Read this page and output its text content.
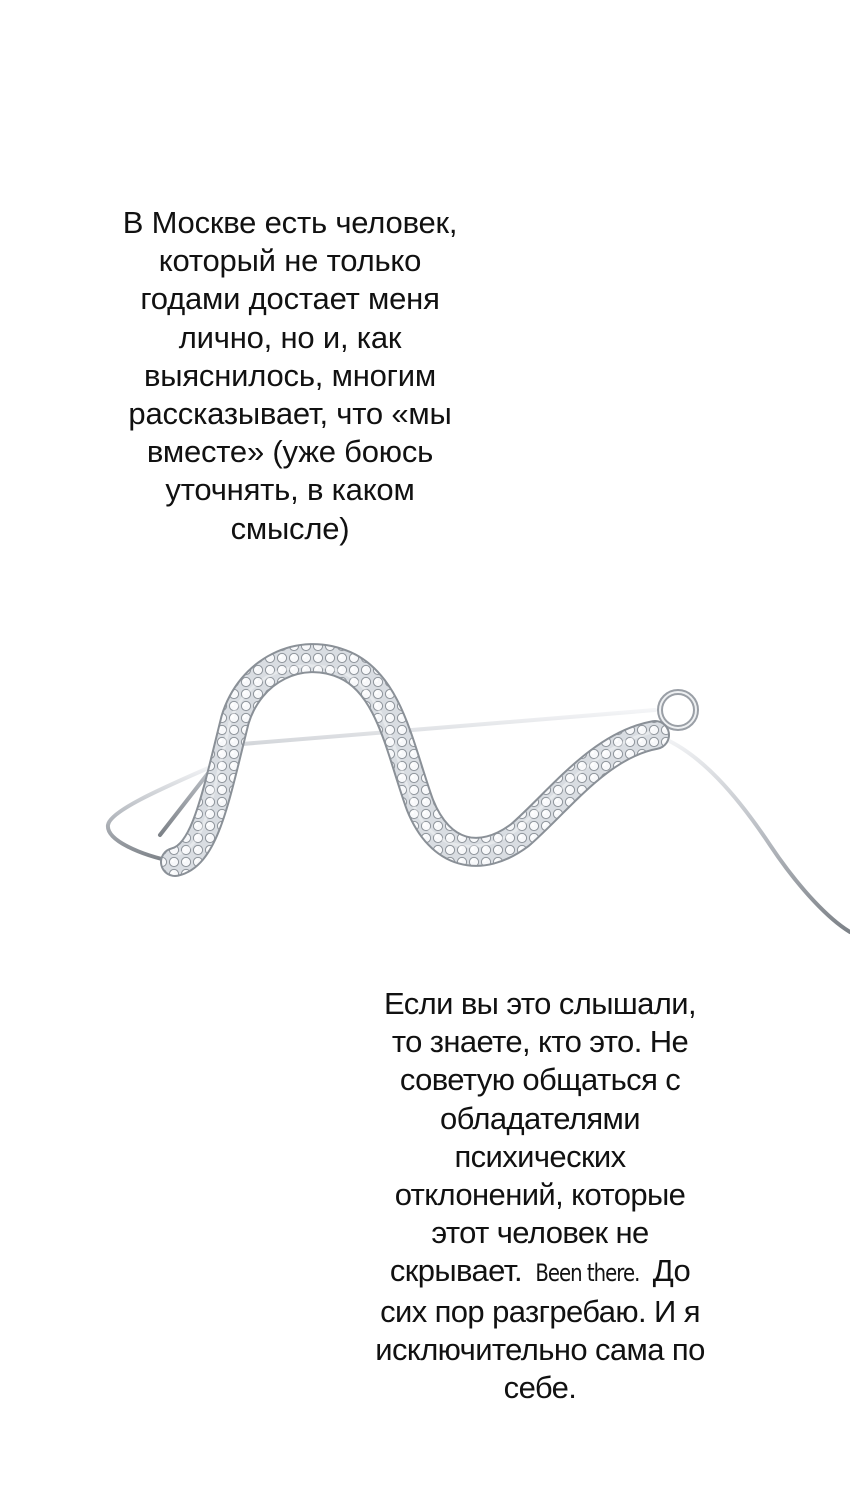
В Москве есть человек,
который не только
годами достает меня
лично, но и, как
выяснилось, многим
рассказывает, что «мы
вместе» (уже боюсь
уточнять, в каком
смысле)
Если вы это слышали,
то знаете, кто это. Не
советую общаться с
обладателями
психических
отклонений, которые
этот человек не
скрывает. Been there. До
сих пор разгребаю. И я
исключительно сама по
себе.
